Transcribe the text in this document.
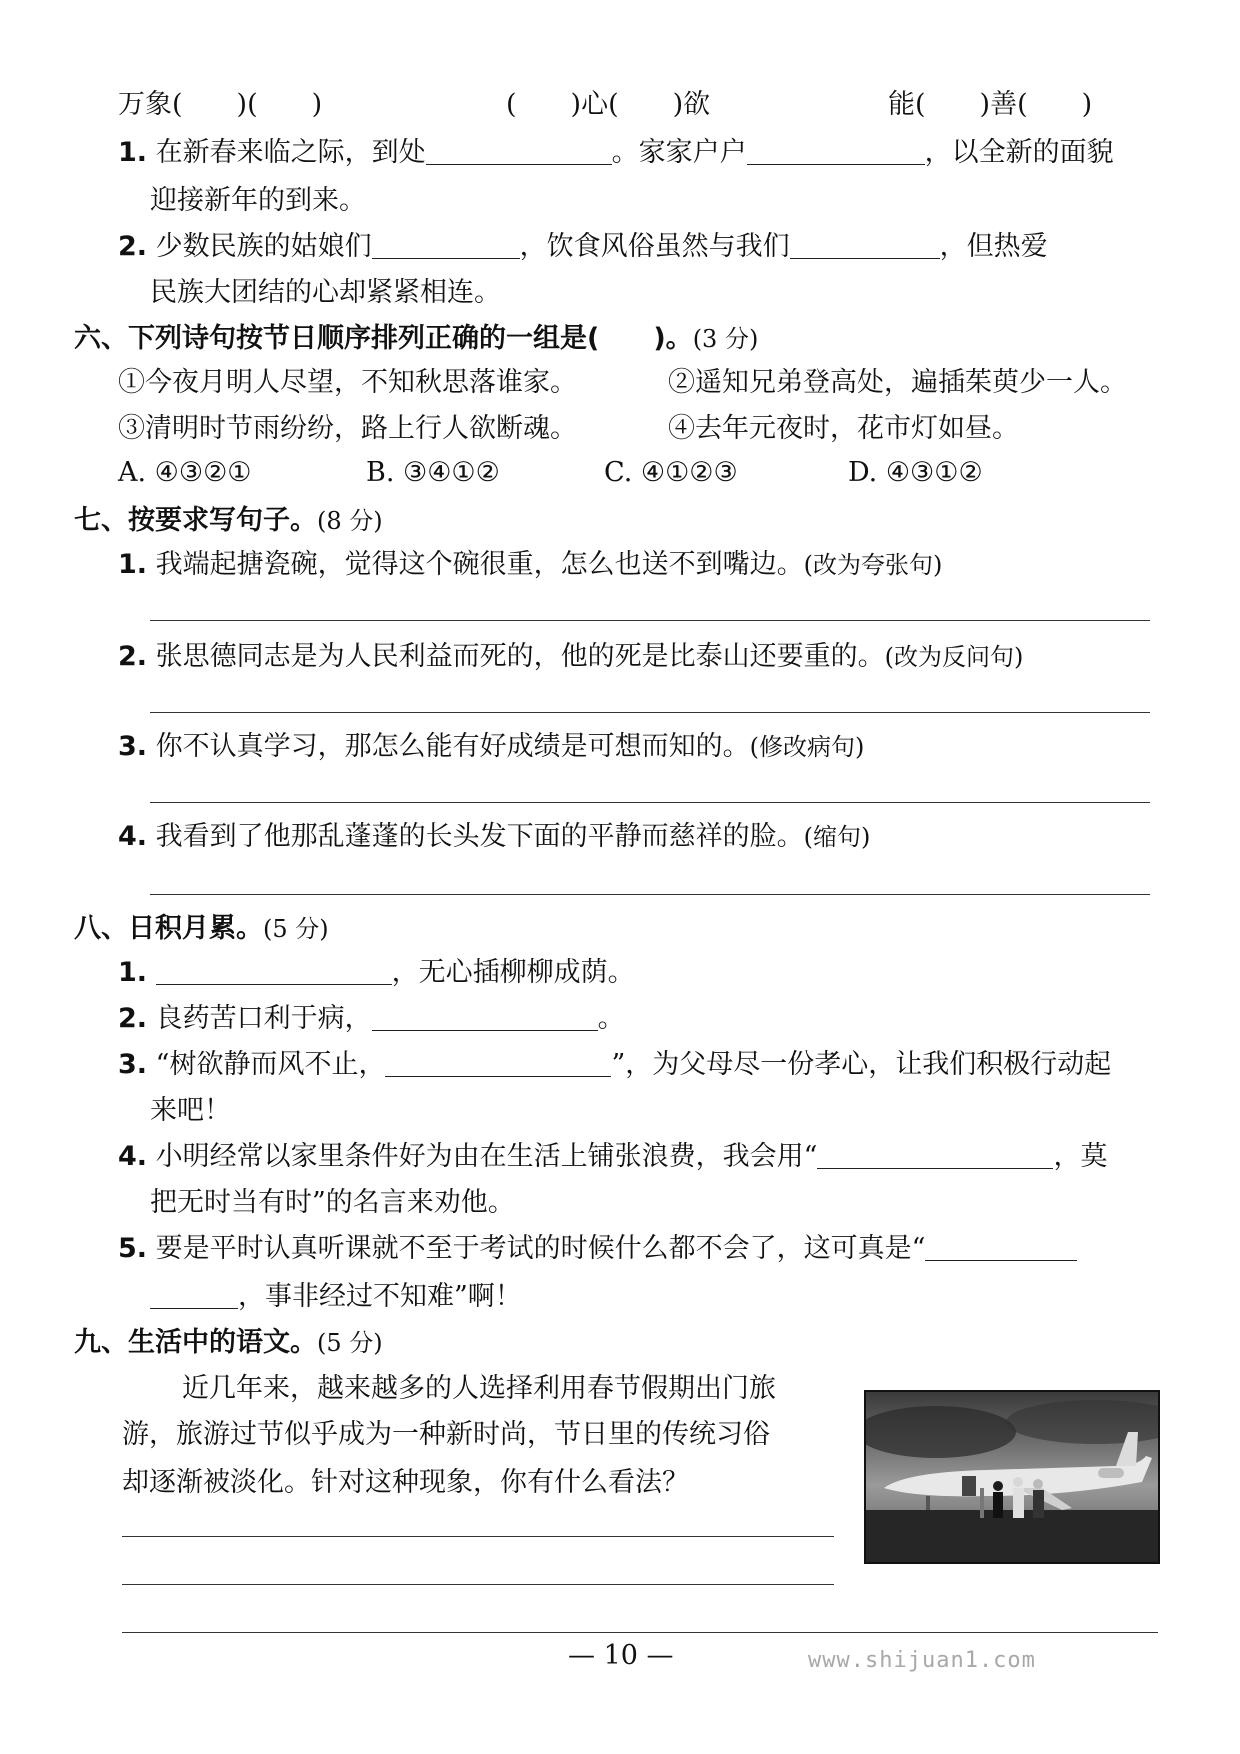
万象(　　)(　　)	(　　)心(　　)欲	能(　　)善(　　)
1. 在新春来临之际，到处	。家家户户	，以全新的面貌
迎接新年的到来。
2. 少数民族的姑娘们	，饮食风俗虽然与我们	，但热爱
民族大团结的心却紧紧相连。
六、下列诗句按节日顺序排列正确的一组是(　　)。(3 分)
①今夜月明人尽望，不知秋思落谁家。	②遥知兄弟登高处，遍插茱萸少一人。
③清明时节雨纷纷，路上行人欲断魂。	④去年元夜时，花市灯如昼。
A. ④③②①	B. ③④①②	C. ④①②③	D. ④③①②
七、按要求写句子。(8 分)
1. 我端起搪瓷碗，觉得这个碗很重，怎么也送不到嘴边。(改为夸张句)
2. 张思德同志是为人民利益而死的，他的死是比泰山还要重的。(改为反问句)
3. 你不认真学习，那怎么能有好成绩是可想而知的。(修改病句)
4. 我看到了他那乱蓬蓬的长头发下面的平静而慈祥的脸。(缩句)
八、日积月累。(5 分)
1.	，无心插柳柳成荫。
2. 良药苦口利于病，	。
3. “树欲静而风不止，	”，为父母尽一份孝心，让我们积极行动起
来吧！
4. 小明经常以家里条件好为由在生活上铺张浪费，我会用“	，莫
把无时当有时”的名言来劝他。
5. 要是平时认真听课就不至于考试的时候什么都不会了，这可真是“
，事非经过不知难”啊！
九、生活中的语文。(5 分)
近几年来，越来越多的人选择利用春节假期出门旅
游，旅游过节似乎成为一种新时尚，节日里的传统习俗
却逐渐被淡化。针对这种现象，你有什么看法？
— 10 —	www.shijuan1.com
